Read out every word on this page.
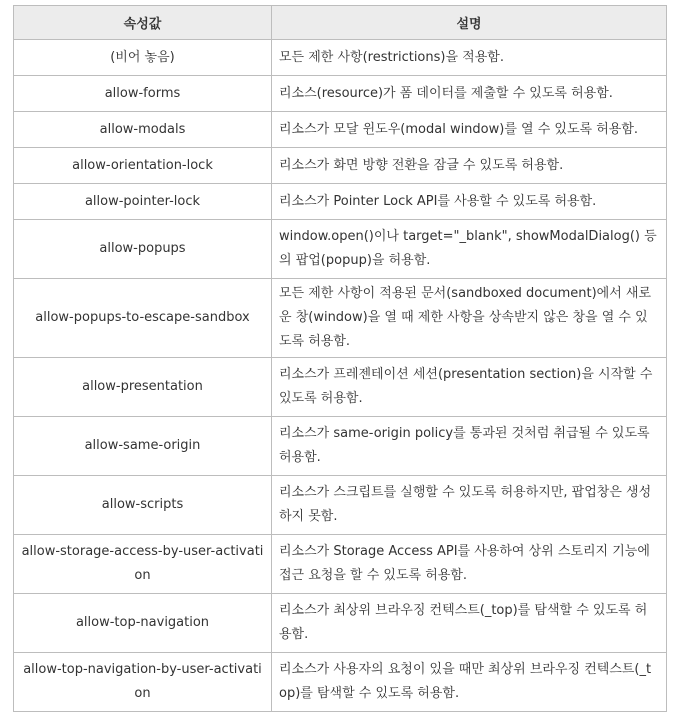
속성값	설명
(비어 놓음)	모든 제한 사항(restrictions)을 적용함.
allow-forms	리소스(resource)가 폼 데이터를 제출할 수 있도록 허용함.
allow-modals	리소스가 모달 윈도우(modal window)를 열 수 있도록 허용함.
allow-orientation-lock	리소스가 화면 방향 전환을 잠글 수 있도록 허용함.
allow-pointer-lock	리소스가 Pointer Lock API를 사용할 수 있도록 허용함.
allow-popups	window.open()이나 target="_blank", showModalDialog() 등의 팝업(popup)을 허용함.
allow-popups-to-escape-sandbox	모든 제한 사항이 적용된 문서(sandboxed document)에서 새로운 창(window)을 열 때 제한 사항을 상속받지 않은 창을 열 수 있도록 허용함.
allow-presentation	리소스가 프레젠테이션 세션(presentation section)을 시작할 수 있도록 허용함.
allow-same-origin	리소스가 same-origin policy를 통과된 것처럼 취급될 수 있도록 허용함.
allow-scripts	리소스가 스크립트를 실행할 수 있도록 허용하지만, 팝업창은 생성하지 못함.
allow-storage-access-by-user-activation	리소스가 Storage Access API를 사용하여 상위 스토리지 기능에 접근 요청을 할 수 있도록 허용함.
allow-top-navigation	리소스가 최상위 브라우징 컨텍스트(_top)를 탐색할 수 있도록 허용함.
allow-top-navigation-by-user-activation	리소스가 사용자의 요청이 있을 때만 최상위 브라우징 컨텍스트(_top)를 탐색할 수 있도록 허용함.
